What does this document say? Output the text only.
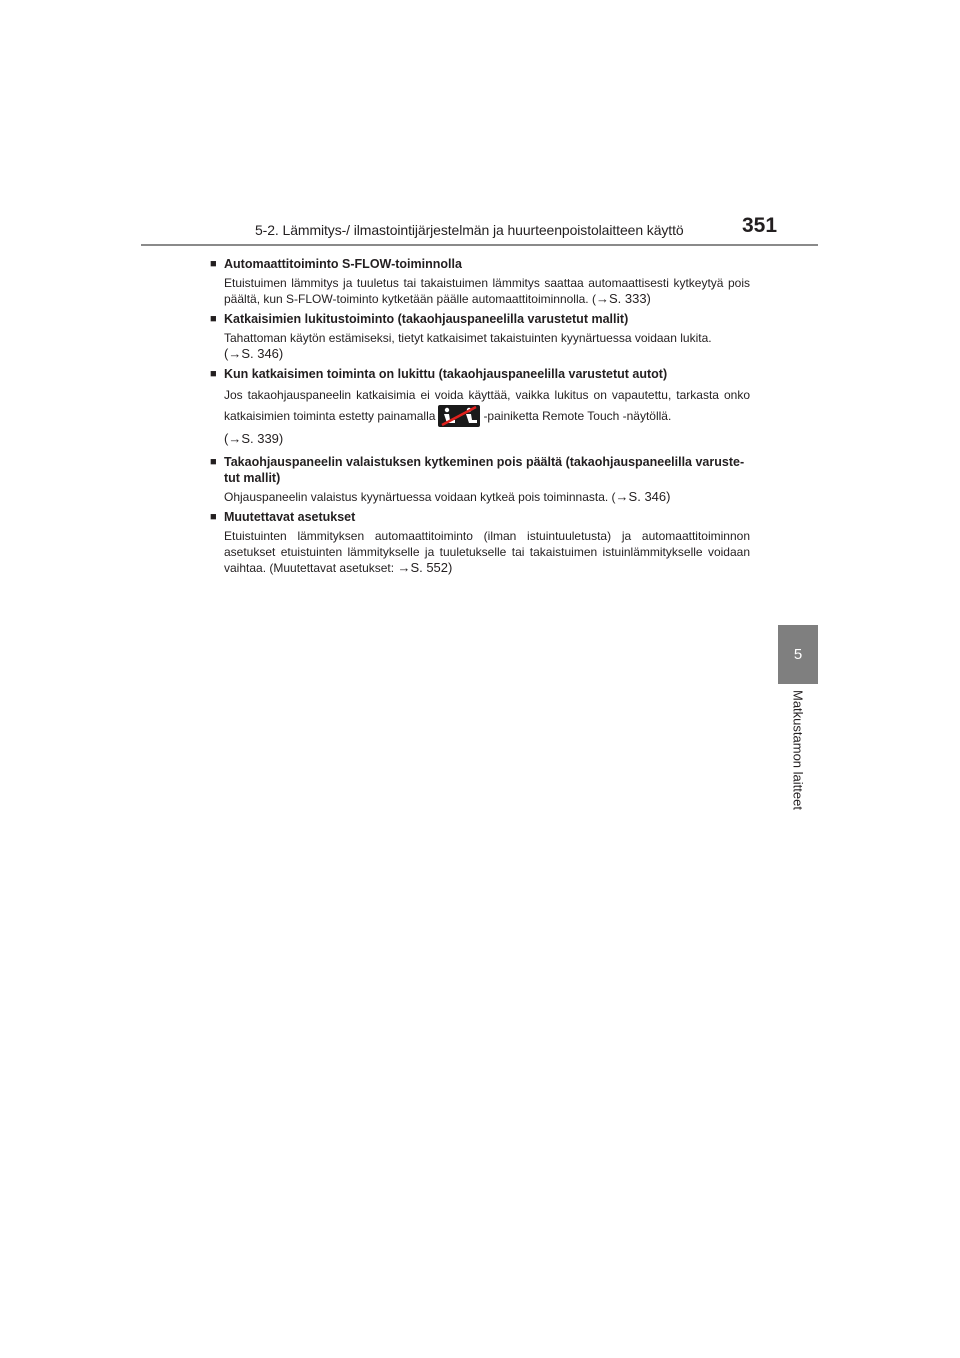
5-2. Lämmitys-/ ilmastointijärjestelmän ja huurteenpoistolaitteen käyttö	351
5
Matkustamon laitteet
■ Automaattitoiminto S-FLOW-toiminnolla
Etuistuimen lämmitys ja tuuletus tai takaistuimen lämmitys saattaa automaattisesti kytkeytyä pois päältä, kun S-FLOW-toiminto kytketään päälle automaattitoiminnolla. (→S. 333)
■ Katkaisimien lukitustoiminto (takaohjauspaneelilla varustetut mallit)
Tahattoman käytön estämiseksi, tietyt katkaisimet takaistuinten kyynärtuessa voidaan lukita.
(→S. 346)
■ Kun katkaisimen toiminta on lukittu (takaohjauspaneelilla varustetut autot)
Jos takaohjauspaneelin katkaisimia ei voida käyttää, vaikka lukitus on vapautettu, tarkasta onko katkaisimien toiminta estetty painamalla	-painiketta Remote Touch -näytöllä.
(→S. 339)
■ Takaohjauspaneelin valaistuksen kytkeminen pois päältä (takaohjauspaneelilla varustetut mallit)
Ohjauspaneelin valaistus kyynärtuessa voidaan kytkeä pois toiminnasta. (→S. 346)
■ Muutettavat asetukset
Etuistuinten lämmityksen automaattitoiminto (ilman istuintuuletusta) ja automaattitoiminnon asetukset etuistuinten lämmitykselle ja tuuletukselle tai takaistuimen istuinlämmitykselle voidaan vaihtaa. (Muutettavat asetukset: →S. 552)
